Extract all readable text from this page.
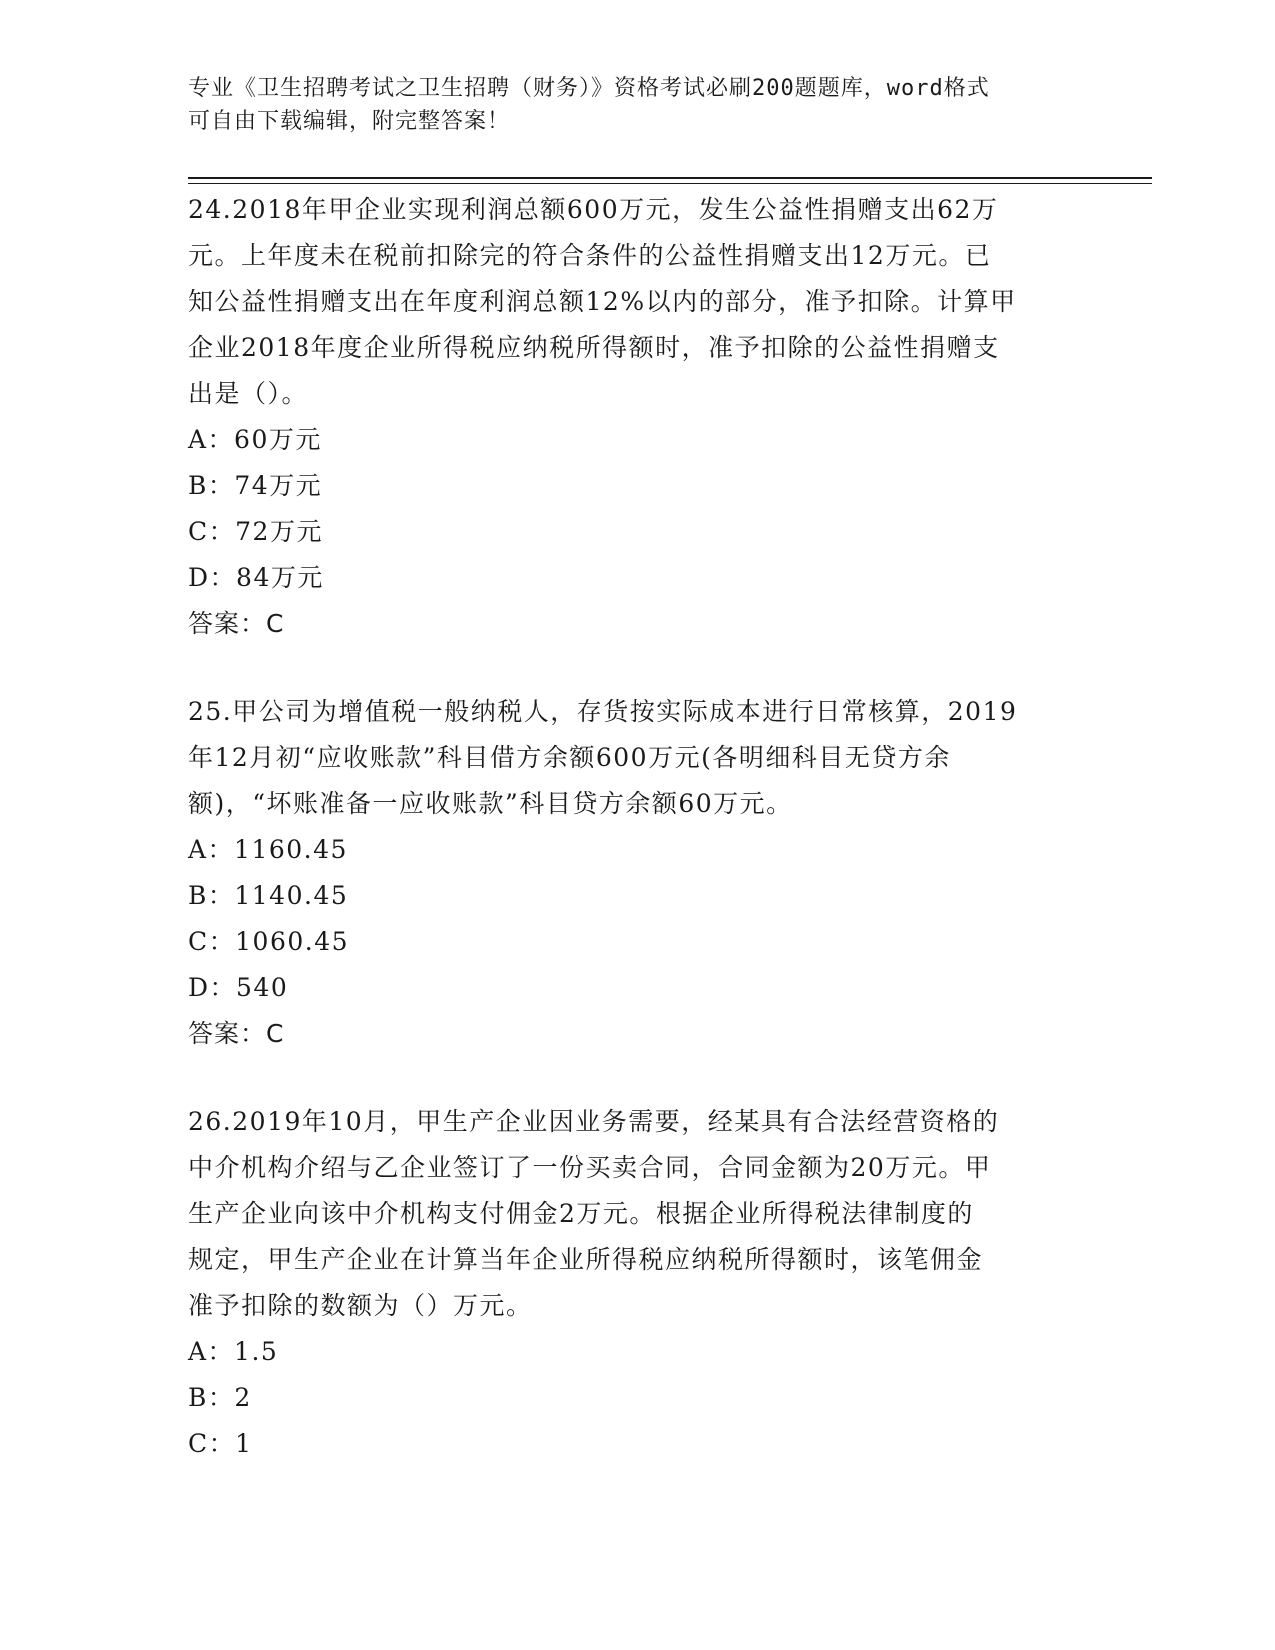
专业《卫生招聘考试之卫生招聘（财务）》资格考试必刷200题题库，word格式
可自由下载编辑，附完整答案！
24.2018年甲企业实现利润总额600万元，发生公益性捐赠支出62万
元。上年度未在税前扣除完的符合条件的公益性捐赠支出12万元。已
知公益性捐赠支出在年度利润总额12%以内的部分，准予扣除。计算甲
企业2018年度企业所得税应纳税所得额时，准予扣除的公益性捐赠支
出是（）。
A：60万元
B：74万元
C：72万元
D：84万元
答案：C
25.甲公司为增值税一般纳税人，存货按实际成本进行日常核算，2019
年12月初“应收账款”科目借方余额600万元(各明细科目无贷方余
额)，“坏账准备一应收账款”科目贷方余额60万元。
A：1160.45
B：1140.45
C：1060.45
D：540
答案：C
26.2019年10月，甲生产企业因业务需要，经某具有合法经营资格的
中介机构介绍与乙企业签订了一份买卖合同，合同金额为20万元。甲
生产企业向该中介机构支付佣金2万元。根据企业所得税法律制度的
规定，甲生产企业在计算当年企业所得税应纳税所得额时，该笔佣金
准予扣除的数额为（）万元。
A：1.5
B：2
C：1
